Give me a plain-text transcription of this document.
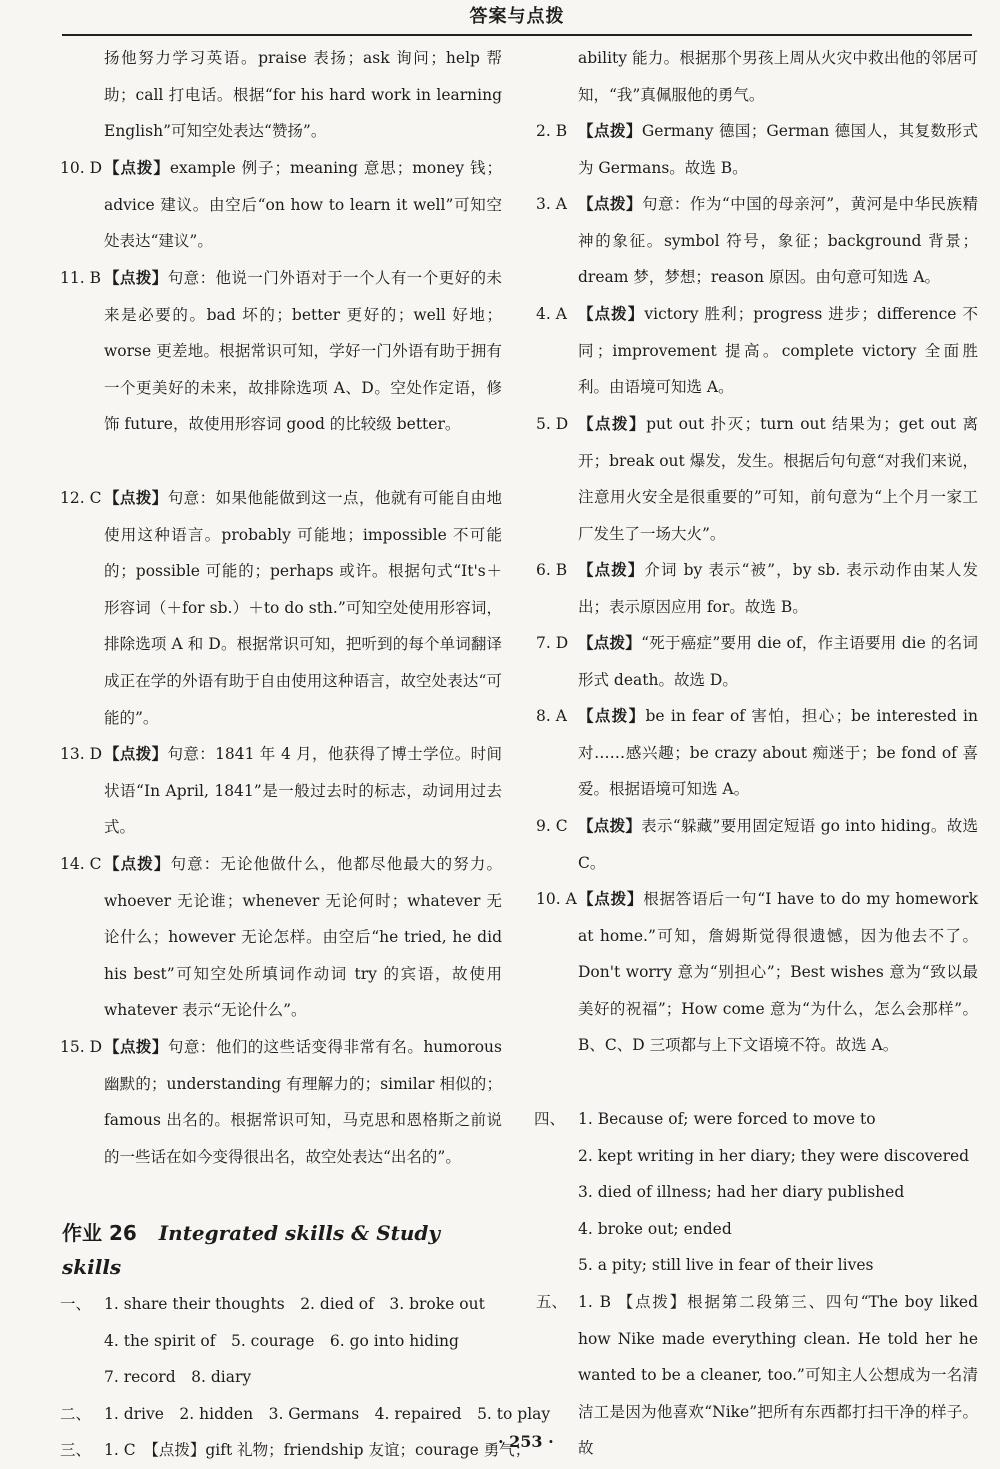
答案与点拨
扬他努力学习英语。praise 表扬；ask 询问；help 帮助；call 打电话。根据“for his hard work in learning English”可知空处表达“赞扬”。
10. D 【点拨】example 例子；meaning 意思；money 钱；advice 建议。由空后“on how to learn it well”可知空处表达“建议”。
11. B 【点拨】句意：他说一门外语对于一个人有一个更好的未来是必要的。bad 坏的；better 更好的；well 好地；worse 更差地。根据常识可知，学好一门外语有助于拥有一个更美好的未来，故排除选项 A、D。空处作定语，修饰 future，故使用形容词 good 的比较级 better。
12. C 【点拨】句意：如果他能做到这一点，他就有可能自由地使用这种语言。probably 可能地；impossible 不可能的；possible 可能的；perhaps 或许。根据句式“It's＋形容词（＋for sb.）＋to do sth.”可知空处使用形容词，排除选项 A 和 D。根据常识可知，把听到的每个单词翻译成正在学的外语有助于自由使用这种语言，故空处表达“可能的”。
13. D 【点拨】句意：1841 年 4 月，他获得了博士学位。时间状语“In April, 1841”是一般过去时的标志，动词用过去式。
14. C 【点拨】句意：无论他做什么，他都尽他最大的努力。whoever 无论谁；whenever 无论何时；whatever 无论什么；however 无论怎样。由空后“he tried, he did his best”可知空处所填词作动词 try 的宾语，故使用 whatever 表示“无论什么”。
15. D 【点拨】句意：他们的这些话变得非常有名。humorous 幽默的；understanding 有理解力的；similar 相似的；famous 出名的。根据常识可知，马克思和恩格斯之前说的一些话在如今变得很出名，故空处表达“出名的”。
作业 26 Integrated skills & Study skills
一、 1. share their thoughts　2. died of　3. broke out
4. the spirit of　5. courage　6. go into hiding
7. record　8. diary
二、 1. drive　2. hidden　3. Germans　4. repaired　5. to play
三、 1. C　【点拨】gift 礼物；friendship 友谊；courage 勇气；
ability 能力。根据那个男孩上周从火灾中救出他的邻居可知，“我”真佩服他的勇气。
2. B 【点拨】Germany 德国；German 德国人，其复数形式为 Germans。故选 B。
3. A 【点拨】句意：作为“中国的母亲河”，黄河是中华民族精神的象征。symbol 符号，象征；background 背景；dream 梦，梦想；reason 原因。由句意可知选 A。
4. A 【点拨】victory 胜利；progress 进步；difference 不同；improvement 提高。complete victory 全面胜利。由语境可知选 A。
5. D 【点拨】put out 扑灭；turn out 结果为；get out 离开；break out 爆发，发生。根据后句句意“对我们来说，注意用火安全是很重要的”可知，前句意为“上个月一家工厂发生了一场大火”。
6. B 【点拨】介词 by 表示“被”，by sb. 表示动作由某人发出；表示原因应用 for。故选 B。
7. D 【点拨】“死于癌症”要用 die of，作主语要用 die 的名词形式 death。故选 D。
8. A 【点拨】be in fear of 害怕，担心；be interested in 对……感兴趣；be crazy about 痴迷于；be fond of 喜爱。根据语境可知选 A。
9. C 【点拨】表示“躲藏”要用固定短语 go into hiding。故选 C。
10. A 【点拨】根据答语后一句“I have to do my homework at home.”可知，詹姆斯觉得很遗憾，因为他去不了。Don't worry 意为“别担心”；Best wishes 意为“致以最美好的祝福”；How come 意为“为什么，怎么会那样”。B、C、D 三项都与上下文语境不符。故选 A。
四、 1. Because of; were forced to move to
2. kept writing in her diary; they were discovered
3. died of illness; had her diary published
4. broke out; ended
5. a pity; still live in fear of their lives
五、 1. B 【点拨】根据第二段第三、四句“The boy liked how Nike made everything clean. He told her he wanted to be a cleaner, too.”可知主人公想成为一名清洁工是因为他喜欢“Nike”把所有东西都打扫干净的样子。故
· 253 ·
